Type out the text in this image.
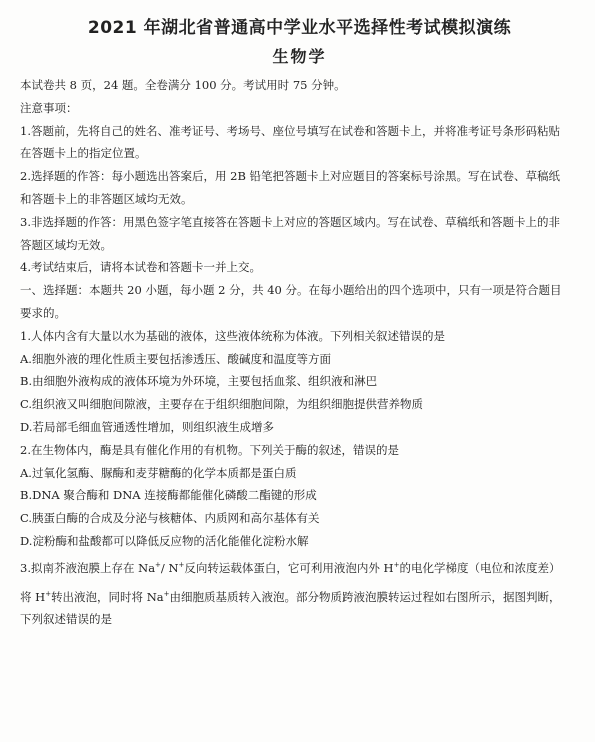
2021 年湖北省普通高中学业水平选择性考试模拟演练
生物学
本试卷共 8 页，24 题。全卷满分 100 分。考试用时 75 分钟。
注意事项：
1.答题前，先将自己的姓名、准考证号、考场号、座位号填写在试卷和答题卡上，并将准考证号条形码粘贴
在答题卡上的指定位置。
2.选择题的作答：每小题选出答案后，用 2B 铅笔把答题卡上对应题目的答案标号涂黑。写在试卷、草稿纸
和答题卡上的非答题区域均无效。
3.非选择题的作答：用黑色签字笔直接答在答题卡上对应的答题区域内。写在试卷、草稿纸和答题卡上的非
答题区域均无效。
4.考试结束后，请将本试卷和答题卡一并上交。
一、选择题：本题共 20 小题，每小题 2 分，共 40 分。在每小题给出的四个选项中，只有一项是符合题目
要求的。
1.人体内含有大量以水为基础的液体，这些液体统称为体液。下列相关叙述错误的是
A.细胞外液的理化性质主要包括渗透压、酸碱度和温度等方面
B.由细胞外液构成的液体环境为外环境，主要包括血浆、组织液和淋巴
C.组织液又叫细胞间隙液，主要存在于组织细胞间隙，为组织细胞提供营养物质
D.若局部毛细血管通透性增加，则组织液生成增多
2.在生物体内，酶是具有催化作用的有机物。下列关于酶的叙述，错误的是
A.过氧化氢酶、脲酶和麦芽糖酶的化学本质都是蛋白质
B.DNA 聚合酶和 DNA 连接酶都能催化磷酸二酯键的形成
C.胰蛋白酶的合成及分泌与核糖体、内质网和高尔基体有关
D.淀粉酶和盐酸都可以降低反应物的活化能催化淀粉水解
3.拟南芥液泡膜上存在 Na+/ N+反向转运载体蛋白，它可利用液泡内外 H+的电化学梯度（电位和浓度差）
将 H+转出液泡，同时将 Na+由细胞质基质转入液泡。部分物质跨液泡膜转运过程如右图所示，据图判断，
下列叙述错误的是
